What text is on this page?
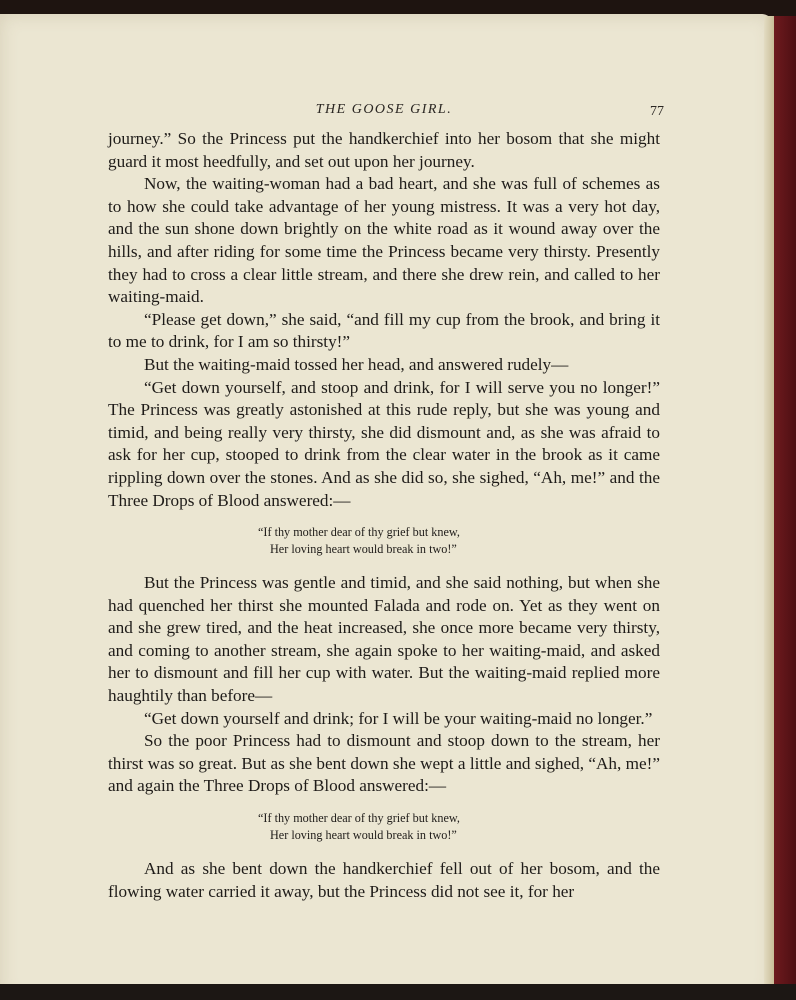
THE GOOSE GIRL.	77

journey.” So the Princess put the handkerchief into her bosom that she might guard it most heedfully, and set out upon her journey.

Now, the waiting-woman had a bad heart, and she was full of schemes as to how she could take advantage of her young mistress. It was a very hot day, and the sun shone down brightly on the white road as it wound away over the hills, and after riding for some time the Princess became very thirsty. Presently they had to cross a clear little stream, and there she drew rein, and called to her waiting-maid.

“Please get down,” she said, “and fill my cup from the brook, and bring it to me to drink, for I am so thirsty!”

But the waiting-maid tossed her head, and answered rudely—

“Get down yourself, and stoop and drink, for I will serve you no longer!” The Princess was greatly astonished at this rude reply, but she was young and timid, and being really very thirsty, she did dismount and, as she was afraid to ask for her cup, stooped to drink from the clear water in the brook as it came rippling down over the stones. And as she did so, she sighed, “Ah, me!” and the Three Drops of Blood answered:—

“If thy mother dear of thy grief but knew,
Her loving heart would break in two!”

But the Princess was gentle and timid, and she said nothing, but when she had quenched her thirst she mounted Falada and rode on. Yet as they went on and she grew tired, and the heat increased, she once more became very thirsty, and coming to another stream, she again spoke to her waiting-maid, and asked her to dismount and fill her cup with water. But the waiting-maid replied more haughtily than before—

“Get down yourself and drink; for I will be your waiting-maid no longer.”

So the poor Princess had to dismount and stoop down to the stream, her thirst was so great. But as she bent down she wept a little and sighed, “Ah, me!” and again the Three Drops of Blood answered:—

“If thy mother dear of thy grief but knew,
Her loving heart would break in two!”

And as she bent down the handkerchief fell out of her bosom, and the flowing water carried it away, but the Princess did not see it, for her
